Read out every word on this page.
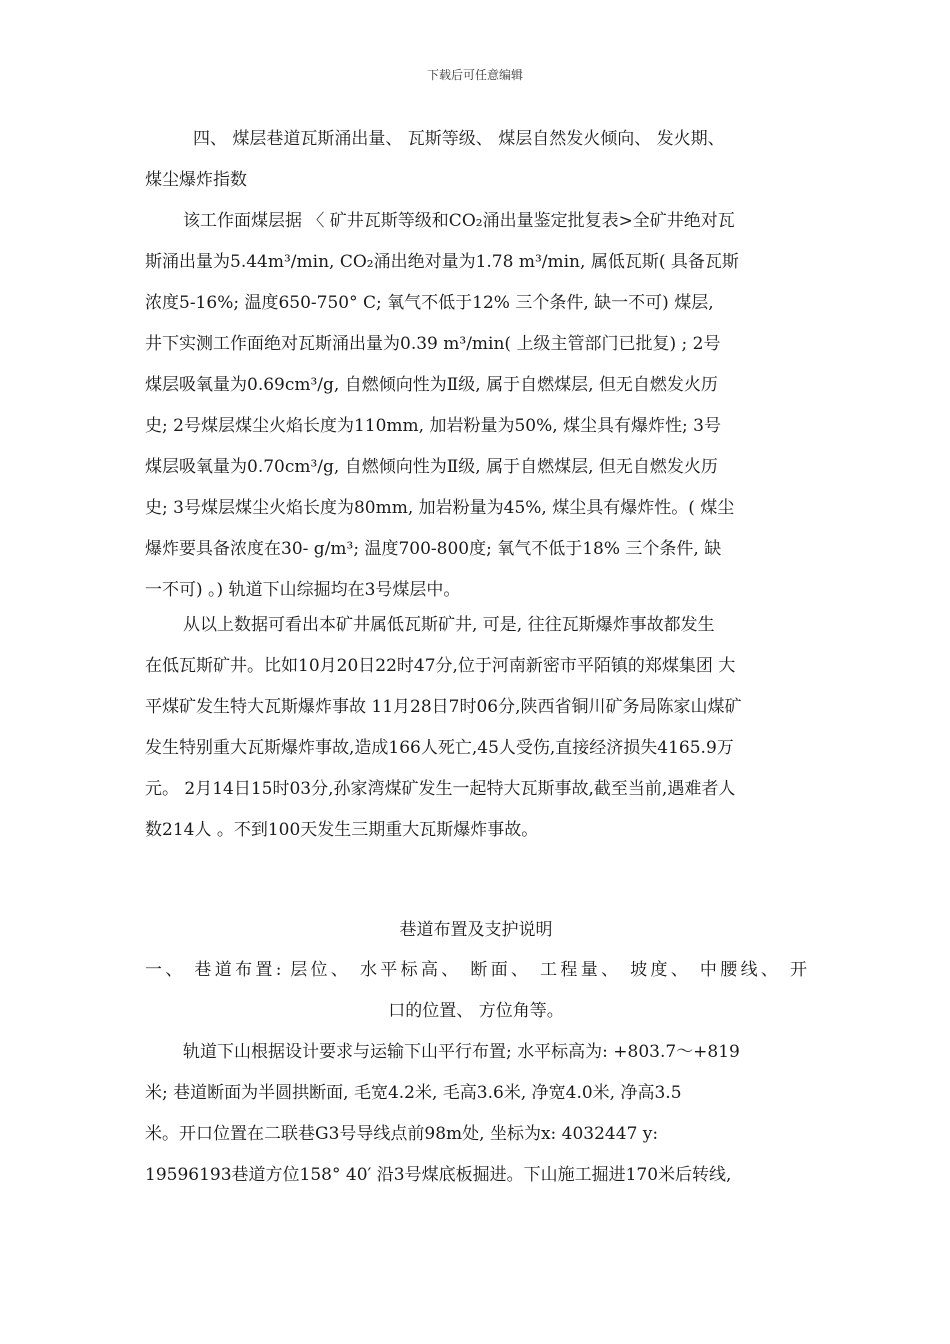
下载后可任意编辑
四、 煤层巷道瓦斯涌出量、 瓦斯等级、 煤层自然发火倾向、 发火期、
煤尘爆炸指数
该工作面煤层据 〈 矿井瓦斯等级和CO₂涌出量鉴定批复表>全矿井绝对瓦
斯涌出量为5.44m³/min, CO₂涌出绝对量为1.78 m³/min, 属低瓦斯( 具备瓦斯
浓度5-16%; 温度650-750° C; 氧气不低于12% 三个条件, 缺一不可) 煤层,
井下实测工作面绝对瓦斯涌出量为0.39 m³/min( 上级主管部门已批复) ; 2号
煤层吸氧量为0.69cm³/g, 自燃倾向性为Ⅱ级, 属于自燃煤层, 但无自燃发火历
史; 2号煤层煤尘火焰长度为110mm, 加岩粉量为50%, 煤尘具有爆炸性; 3号
煤层吸氧量为0.70cm³/g, 自燃倾向性为Ⅱ级, 属于自燃煤层, 但无自燃发火历
史; 3号煤层煤尘火焰长度为80mm, 加岩粉量为45%, 煤尘具有爆炸性。( 煤尘
爆炸要具备浓度在30- g/m³; 温度700-800度; 氧气不低于18% 三个条件, 缺
一不可) 。) 轨道下山综掘均在3号煤层中。
从以上数据可看出本矿井属低瓦斯矿井, 可是, 往往瓦斯爆炸事故都发生
在低瓦斯矿井。比如10月20日22时47分,位于河南新密市平陌镇的郑煤集团 大
平煤矿发生特大瓦斯爆炸事故 11月28日7时06分,陕西省铜川矿务局陈家山煤矿
发生特别重大瓦斯爆炸事故,造成166人死亡,45人受伤,直接经济损失4165.9万
元。 2月14日15时03分,孙家湾煤矿发生一起特大瓦斯事故,截至当前,遇难者人
数214人 。不到100天发生三期重大瓦斯爆炸事故。
巷道布置及支护说明
一、 巷道布置: 层位、 水平标高、 断面、 工程量、 坡度、 中腰线、 开
口的位置、 方位角等。
轨道下山根据设计要求与运输下山平行布置; 水平标高为: +803.7～+819
米; 巷道断面为半圆拱断面, 毛宽4.2米, 毛高3.6米, 净宽4.0米, 净高3.5
米。开口位置在二联巷G3号导线点前98m处, 坐标为x: 4032447 y:
19596193巷道方位158° 40′ 沿3号煤底板掘进。下山施工掘进170米后转线,
